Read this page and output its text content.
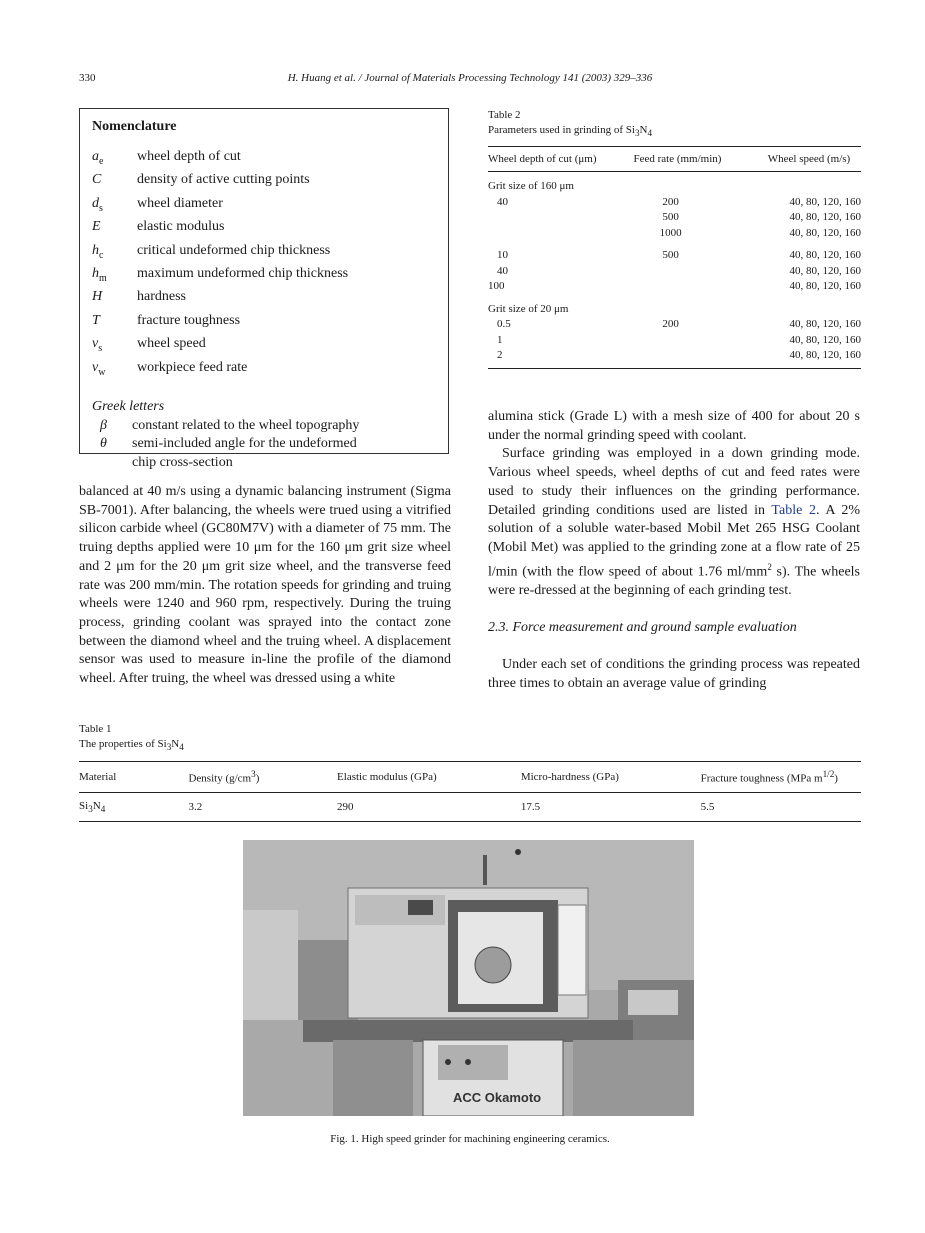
330	H. Huang et al. / Journal of Materials Processing Technology 141 (2003) 329–336
Nomenclature
$a_e$	wheel depth of cut
C	density of active cutting points
$d_s$	wheel diameter
E	elastic modulus
$h_c$	critical undeformed chip thickness
$h_m$	maximum undeformed chip thickness
H	hardness
T	fracture toughness
$v_s$	wheel speed
$v_w$	workpiece feed rate
Greek letters
β	constant related to the wheel topography
θ	semi-included angle for the undeformed
chip cross-section

balanced at 40 m/s using a dynamic balancing instrument (Sigma SB-7001). After balancing, the wheels were trued using a vitrified silicon carbide wheel (GC80M7V) with a diameter of 75 mm. The truing depths applied were 10 μm for the 160 μm grit size wheel and 2 μm for the 20 μm grit size wheel, and the transverse feed rate was 200 mm/min. The rotation speeds for grinding and truing wheels were 1240 and 960 rpm, respectively. During the truing process, grinding coolant was sprayed into the contact zone between the diamond wheel and the truing wheel. A displacement sensor was used to measure in-line the profile of the diamond wheel. After truing, the wheel was dressed using a white

Table 2
Parameters used in grinding of $Si_3N_4$
Wheel depth of cut (μm)	Feed rate (mm/min)	Wheel speed (m/s)
Grit size of 160 μm		
40	200	40, 80, 120, 160
	500	40, 80, 120, 160
	1000	40, 80, 120, 160
10	500	40, 80, 120, 160
40		40, 80, 120, 160
100		40, 80, 120, 160
Grit size of 20 μm		
0.5	200	40, 80, 120, 160
1		40, 80, 120, 160
2		40, 80, 120, 160

alumina stick (Grade L) with a mesh size of 400 for about 20 s under the normal grinding speed with coolant.

Surface grinding was employed in a down grinding mode. Various wheel speeds, wheel depths of cut and feed rates were used to study their influences on the grinding performance. Detailed grinding conditions used are listed in Table 2. A 2% solution of a soluble water-based Mobil Met 265 HSG Coolant (Mobil Met) was applied to the grinding zone at a flow rate of 25 l/min (with the flow speed of about 1.76 $ml/mm^2$ s). The wheels were re-dressed at the beginning of each grinding test.

2.3. Force measurement and ground sample evaluation

Under each set of conditions the grinding process was repeated three times to obtain an average value of grinding

Table 1
The properties of $Si_3N_4$
Material	Density $(g/cm^3)$	Elastic modulus (GPa)	Micro-hardness (GPa)	Fracture toughness (MPa $m^{1/2}$)
$Si_3N_4$	3.2	290	17.5	5.5
ACC Okamoto
Fig. 1. High speed grinder for machining engineering ceramics.
